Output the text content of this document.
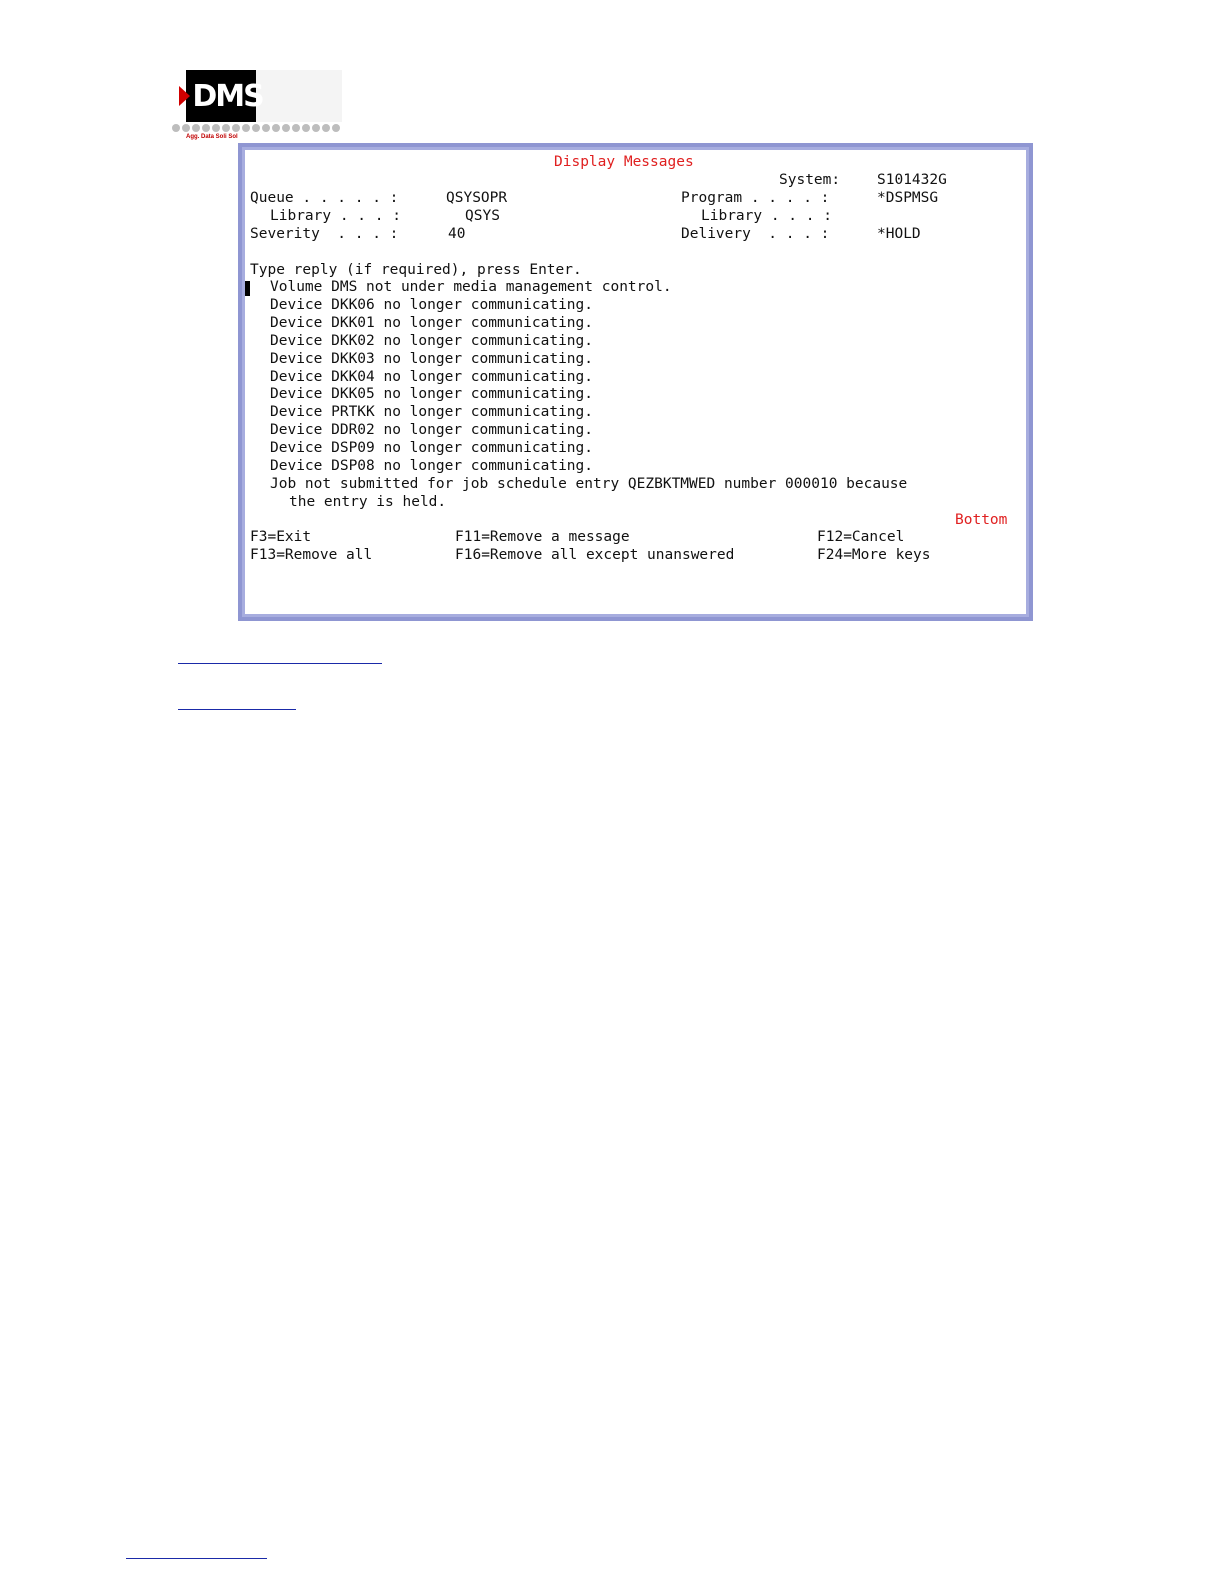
DMS
Agg. Data Soli Sol
Display Messages
System:	S101432G
Queue . . . . . :	QSYSOPR	Program . . . . :	*DSPMSG
Library . . . :	QSYS	Library . . . :
Severity  . . . :	40	Delivery  . . . :	*HOLD
Type reply (if required), press Enter.
Volume DMS not under media management control.
Device DKK06 no longer communicating.
Device DKK01 no longer communicating.
Device DKK02 no longer communicating.
Device DKK03 no longer communicating.
Device DKK04 no longer communicating.
Device DKK05 no longer communicating.
Device PRTKK no longer communicating.
Device DDR02 no longer communicating.
Device DSP09 no longer communicating.
Device DSP08 no longer communicating.
Job not submitted for job schedule entry QEZBKTMWED number 000010 because
the entry is held.
Bottom
F3=Exit	F11=Remove a message	F12=Cancel
F13=Remove all	F16=Remove all except unanswered	F24=More keys
